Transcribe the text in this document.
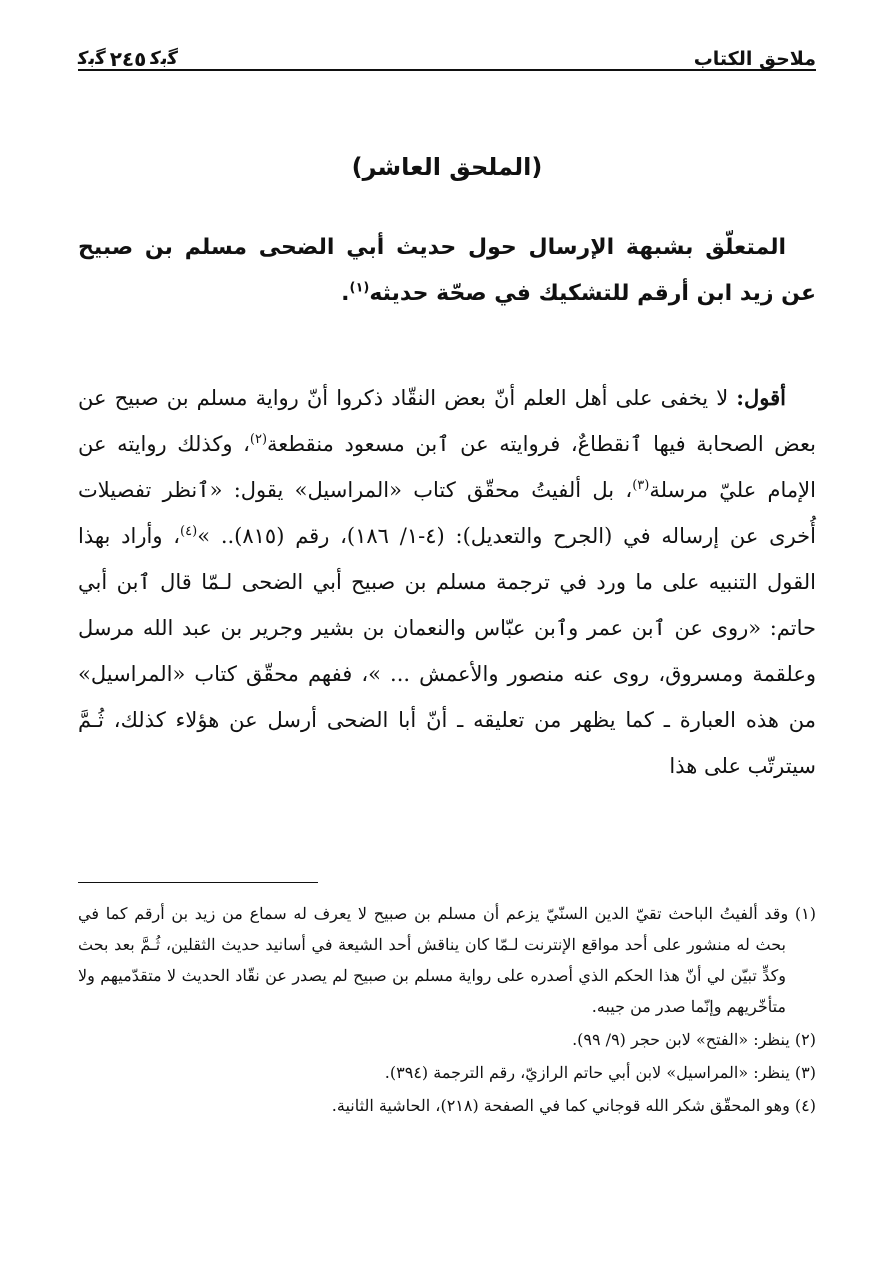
ملاحق الكتاب
ﮔﺑﻛ ٢٤٥ ﮔﺑﻛ
(الملحق العاشر)
المتعلّق بشبهة الإرسال حول حديث أبي الضحى مسلم بن صبيح عن زيد ابن أرقم للتشكيك في صحّة حديثه$^{(١)}$.
أقول: لا يخفى على أهل العلم أنّ بعض النقّاد ذكروا أنّ رواية مسلم بن صبيح عن بعض الصحابة فيها ٱنقطاعٌ، فروايته عن ٱبن مسعود منقطعة$^{(٢)}$، وكذلك روايته عن الإمام عليّ مرسلة$^{(٣)}$، بل ألفيتُ محقّق كتاب «المراسيل» يقول: «ٱنظر تفصيلات أُخرى عن إرساله في (الجرح والتعديل): (٤-١/ ١٨٦)، رقم (٨١٥).. »$^{(٤)}$، وأراد بهذا القول التنبيه على ما ورد في ترجمة مسلم بن صبيح أبي الضحى لـمّا قال ٱبن أبي حاتم: «روى عن ٱبن عمر وٱبن عبّاس والنعمان بن بشير وجرير بن عبد الله مرسل وعلقمة ومسروق، روى عنه منصور والأعمش ... »، ففهم محقّق كتاب «المراسيل» من هذه العبارة ـ كما يظهر من تعليقه ـ أنّ أبا الضحى أرسل عن هؤلاء كذلك، ثُـمَّ سيترتّب على هذا

(١) وقد ألفيتُ الباحث تقيّ الدين السنّيّ يزعم أن مسلم بن صبيح لا يعرف له سماع من زيد بن أرقم كما في بحث له منشور على أحد مواقع الإنترنت لـمّا كان يناقش أحد الشيعة في أسانيد حديث الثقلين، ثُـمَّ بعد بحث وكدٍّ تبيّن لي أنّ هذا الحكم الذي أصدره على رواية مسلم بن صبيح لم يصدر عن نقّاد الحديث لا متقدّميهم ولا متأخّريهم وإنّما صدر من جيبه.

(٢) ينظر: «الفتح» لابن حجر (٩/ ٩٩).

(٣) ينظر: «المراسيل» لابن أبي حاتم الرازيّ، رقم الترجمة (٣٩٤).

(٤) وهو المحقّق شكر الله قوجاني كما في الصفحة (٢١٨)، الحاشية الثانية.
